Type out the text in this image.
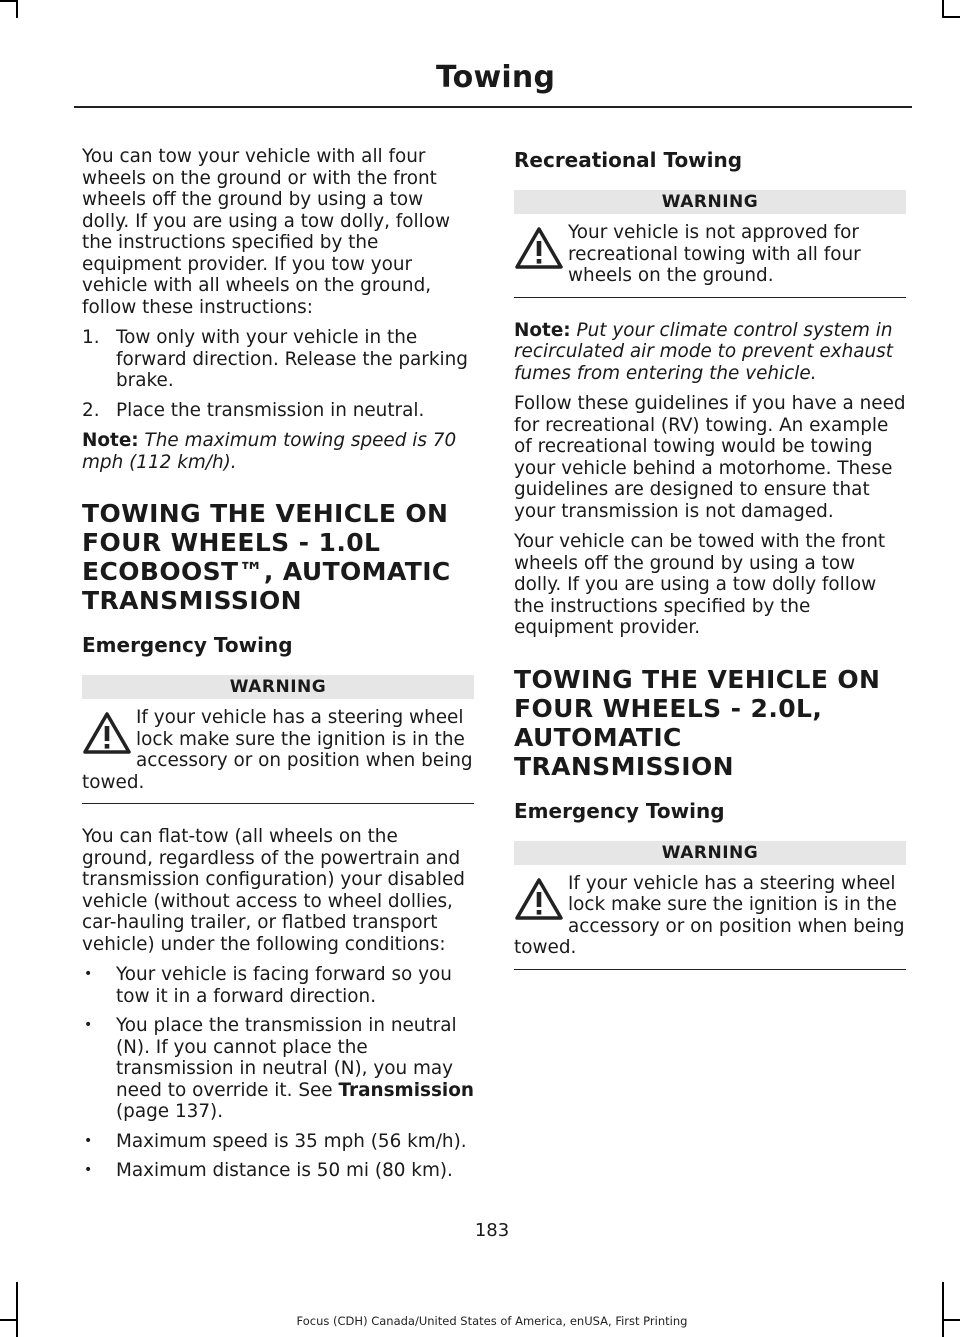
Towing

You can tow your vehicle with all four wheels on the ground or with the front wheels off the ground by using a tow dolly. If you are using a tow dolly, follow the instructions specified by the equipment provider. If you tow your vehicle with all wheels on the ground, follow these instructions:

1. Tow only with your vehicle in the forward direction. Release the parking brake.
2. Place the transmission in neutral.

Note: The maximum towing speed is 70 mph (112 km/h).

TOWING THE VEHICLE ON FOUR WHEELS - 1.0L ECOBOOST™, AUTOMATIC TRANSMISSION
Emergency Towing
WARNING
If your vehicle has a steering wheel lock make sure the ignition is in the accessory or on position when being towed.

You can flat-tow (all wheels on the ground, regardless of the powertrain and transmission configuration) your disabled vehicle (without access to wheel dollies, car-hauling trailer, or flatbed transport vehicle) under the following conditions:

• Your vehicle is facing forward so you tow it in a forward direction.
• You place the transmission in neutral (N). If you cannot place the transmission in neutral (N), you may need to override it. See Transmission (page 137).
• Maximum speed is 35 mph (56 km/h).
• Maximum distance is 50 mi (80 km).
Recreational Towing
WARNING
Your vehicle is not approved for recreational towing with all four wheels on the ground.

Note: Put your climate control system in recirculated air mode to prevent exhaust fumes from entering the vehicle.

Follow these guidelines if you have a need for recreational (RV) towing. An example of recreational towing would be towing your vehicle behind a motorhome. These guidelines are designed to ensure that your transmission is not damaged.

Your vehicle can be towed with the front wheels off the ground by using a tow dolly. If you are using a tow dolly follow the instructions specified by the equipment provider.

TOWING THE VEHICLE ON FOUR WHEELS - 2.0L, AUTOMATIC TRANSMISSION
Emergency Towing
WARNING
If your vehicle has a steering wheel lock make sure the ignition is in the accessory or on position when being towed.
183
Focus (CDH) Canada/United States of America, enUSA, First Printing
